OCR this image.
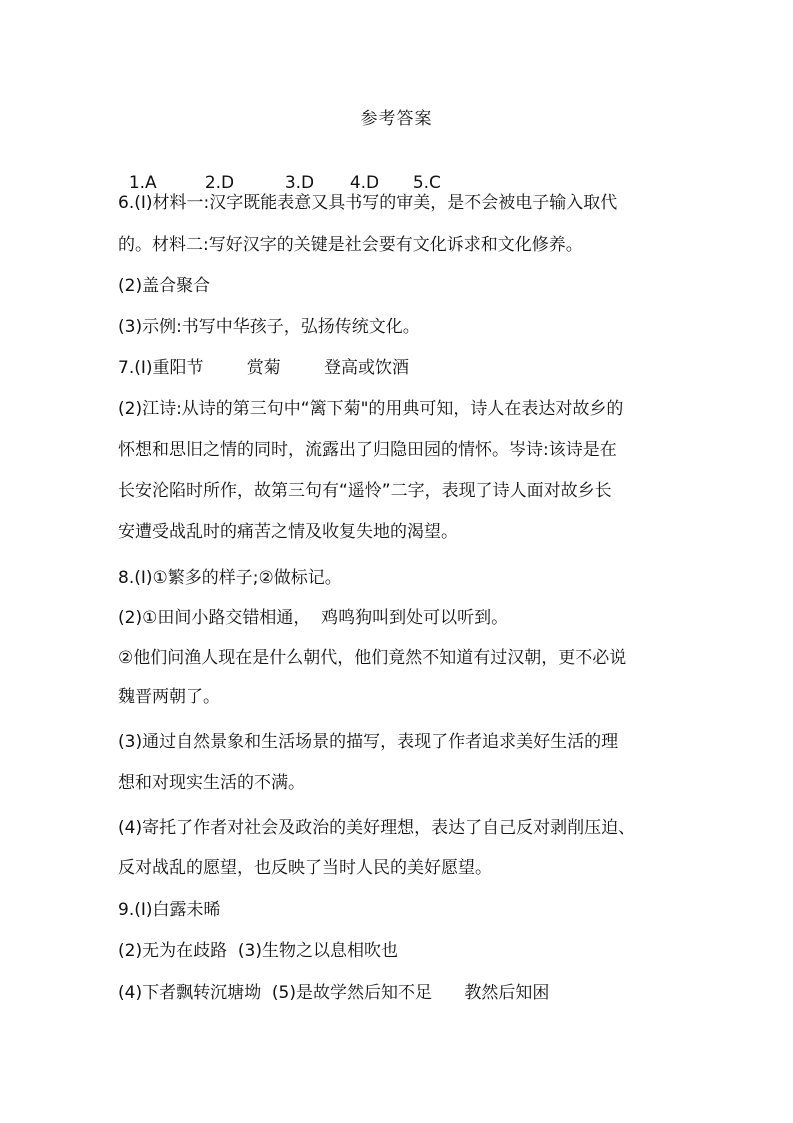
参考答案

1.A	2.D	3.D 4.D 5.C

6.(Ⅰ)材料一:汉字既能表意又具书写的审美，是不会被电子输入取代
的。材料二:写好汉字的关键是社会要有文化诉求和文化修养。
(2)盖合聚合
(3)示例:书写中华孩子，弘扬传统文化。
7.(I)重阳节        赏菊        登高或饮酒
(2)江诗:从诗的第三句中“篱下菊"的用典可知，诗人在表达对故乡的
怀想和思旧之情的同时，流露出了归隐田园的情怀。岑诗:该诗是在
长安沦陷时所作，故第三句有“遥怜”二字，表现了诗人面对故乡长
安遭受战乱时的痛苦之情及收复失地的渴望。
8.(Ⅰ)①繁多的样子;②做标记。
(2)①田间小路交错相通，  鸡鸣狗叫到处可以听到。
②他们问渔人现在是什么朝代，他们竟然不知道有过汉朝，更不必说
魏晋两朝了。
(3)通过自然景象和生活场景的描写，表现了作者追求美好生活的理
想和对现实生活的不满。
(4)寄托了作者对社会及政治的美好理想，表达了自己反对剥削压迫、
反对战乱的愿望，也反映了当时人民的美好愿望。
9.(I)白露未晞
(2)无为在歧路  (3)生物之以息相吹也
(4)下者飘转沉塘坳  (5)是故学然后知不足      教然后知困
